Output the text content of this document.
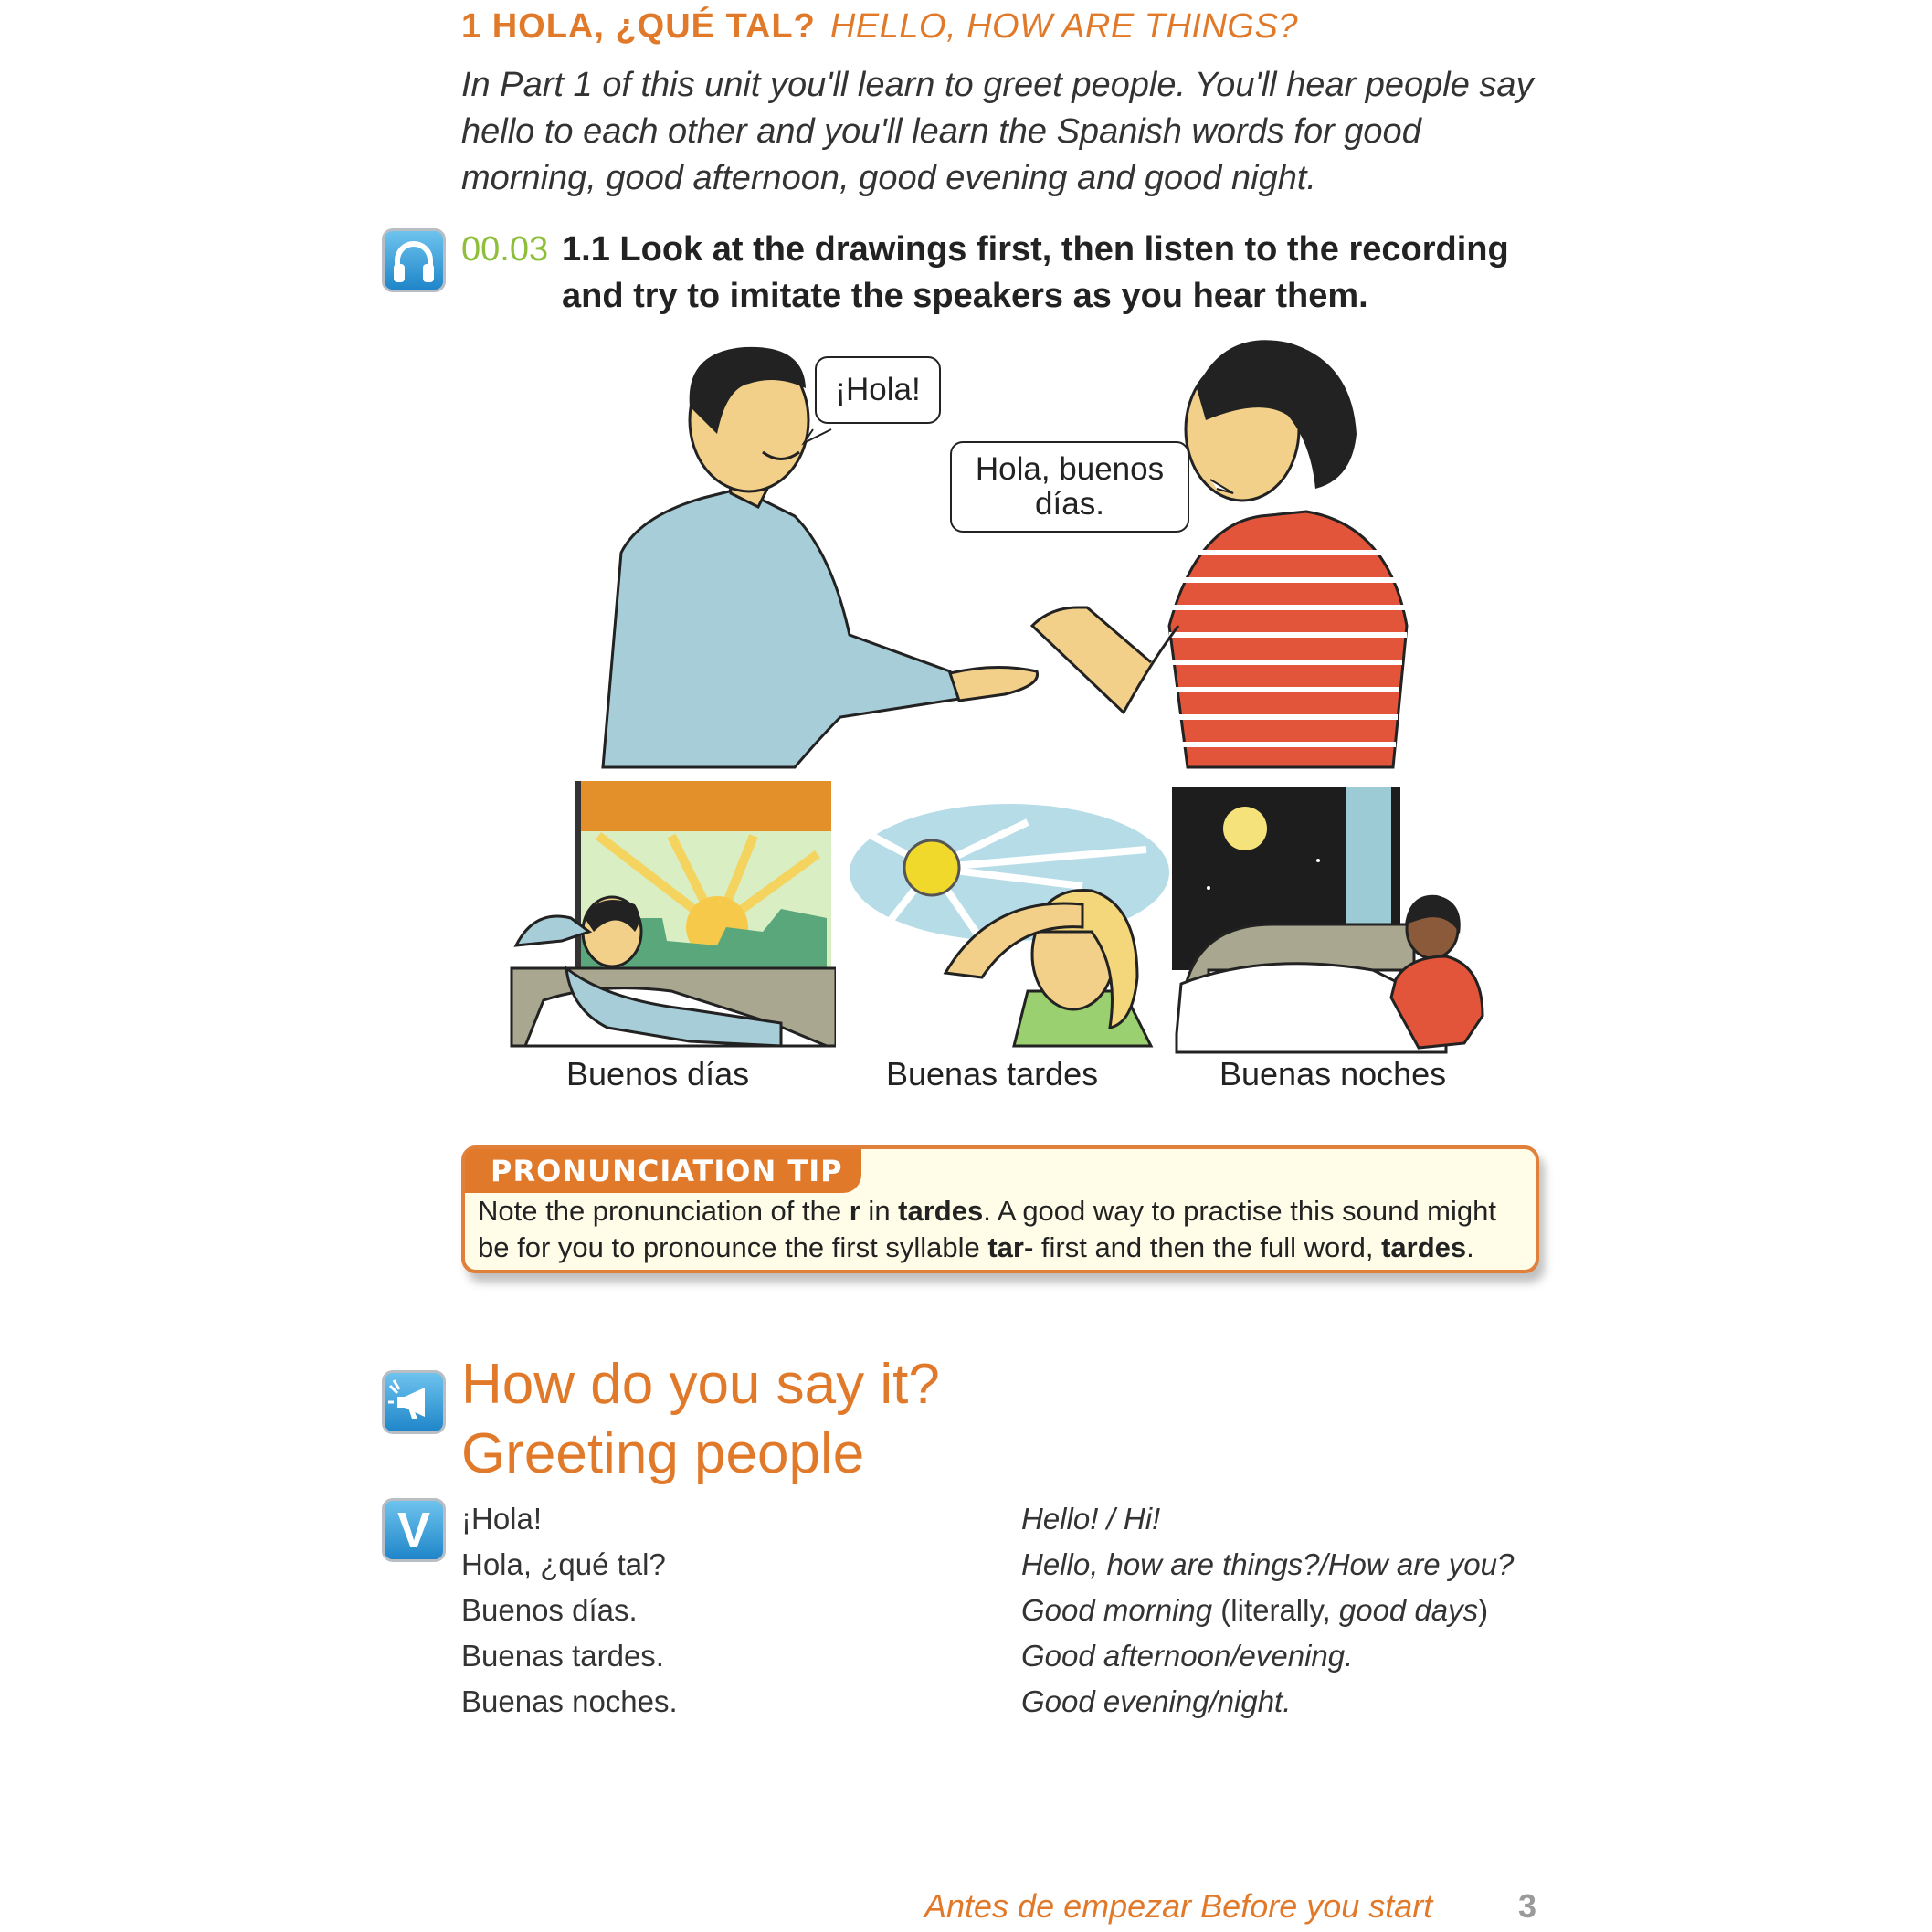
1 HOLA, ¿QUÉ TAL? HELLO, HOW ARE THINGS?
In Part 1 of this unit you'll learn to greet people. You'll hear people say hello to each other and you'll learn the Spanish words for good morning, good afternoon, good evening and good night.
00.03 1.1 Look at the drawings first, then listen to the recording and try to imitate the speakers as you hear them.
¡Hola!
Hola, buenos días.
Buenos días	Buenas tardes	Buenas noches
PRONUNCIATION TIP
Note the pronunciation of the r in tardes. A good way to practise this sound might be for you to pronounce the first syllable tar- first and then the full word, tardes.
How do you say it?
Greeting people
V ¡Hola!	Hello! / Hi!
Hola, ¿qué tal?	Hello, how are things?/How are you?
Buenos días.	Good morning (literally, good days)
Buenas tardes.	Good afternoon/evening.
Buenas noches.	Good evening/night.
Antes de empezar Before you start	3
